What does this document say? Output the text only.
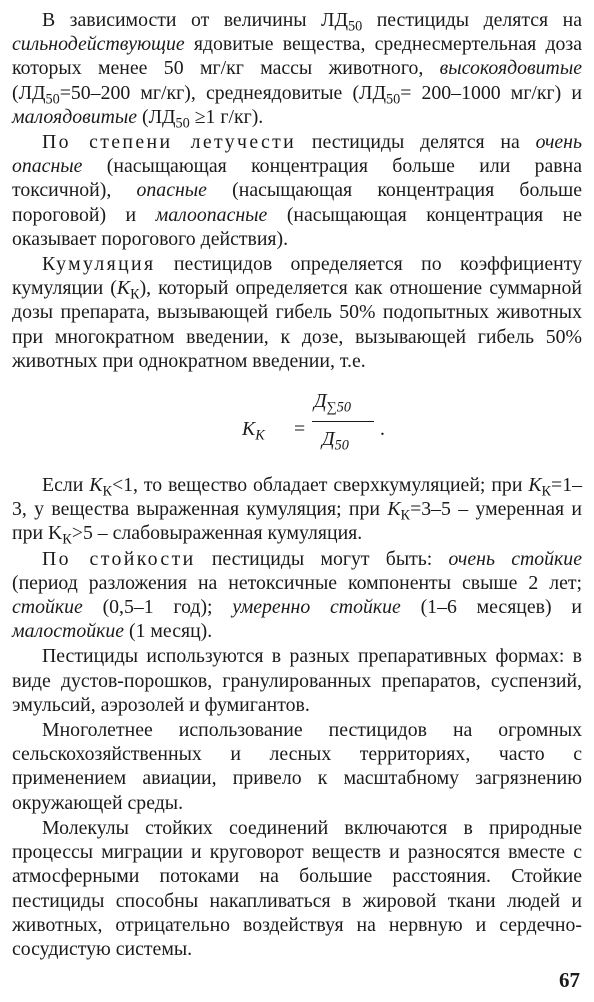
В зависимости от величины $ЛД_{50}$ пестициды делятся на сильнодействующие ядовитые вещества, среднесмертельная доза которых менее 50 мг/кг массы животного, высокоядовитые ($ЛД_{50}=50-200$ мг/кг), среднеядовитые ($ЛД_{50}= 200-1000$ мг/кг) и малоядовитые ($ЛД_{50} \ge 1$ г/кг).

По степени летучести пестициды делятся на очень опасные (насыщающая концентрация больше или равна токсичной), опасные (насыщающая концентрация больше пороговой) и малоопасные (насыщающая концентрация не оказывает порогового действия).

Кумуляция пестицидов определяется по коэффициенту кумуляции $(K_К)$, который определяется как отношение суммарной дозы препарата, вызывающей гибель 50% подопытных животных при многократном введении, к дозе, вызывающей гибель 50% животных при однократном введении, т.е.

$K_К$ =
$Д_{\sum 50}$
$Д_{50}$
.

Если $K_К<1$, то вещество обладает сверхкумуляцией; при $K_К=1-3$, у вещества выраженная кумуляция; при $K_К=3-5$ – умеренная и при $K_К>5$ – слабовыраженная кумуляция.

По стойкости пестициды могут быть: очень стойкие (период разложения на нетоксичные компоненты свыше 2 лет; стойкие (0,5–1 год); умеренно стойкие (1–6 месяцев) и малостойкие (1 месяц).

Пестициды используются в разных препаративных формах: в виде дустов-порошков, гранулированных препаратов, суспензий, эмульсий, аэрозолей и фумигантов.

Многолетнее использование пестицидов на огромных сельскохозяйственных и лесных территориях, часто с применением авиации, привело к масштабному загрязнению окружающей среды.

Молекулы стойких соединений включаются в природные процессы миграции и круговорот веществ и разносятся вместе с атмосферными потоками на большие расстояния. Стойкие пестициды способны накапливаться в жировой ткани людей и животных, отрицательно воздействуя на нервную и сердечно-сосудистую системы.

67
